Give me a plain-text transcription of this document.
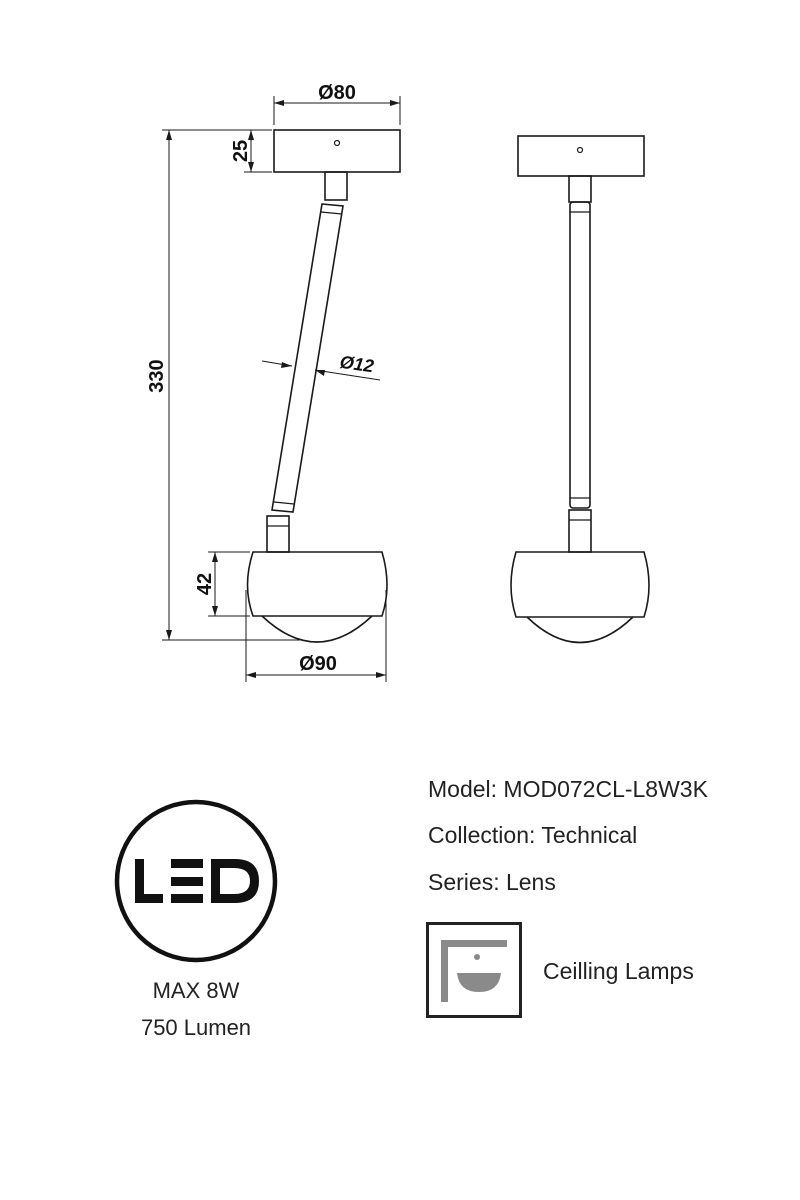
Ø80
25
330	Ø12
42
Ø90
MAX 8W
750 Lumen
Model: MOD072CL-L8W3K
Collection: Technical
Series: Lens
Ceilling Lamps
